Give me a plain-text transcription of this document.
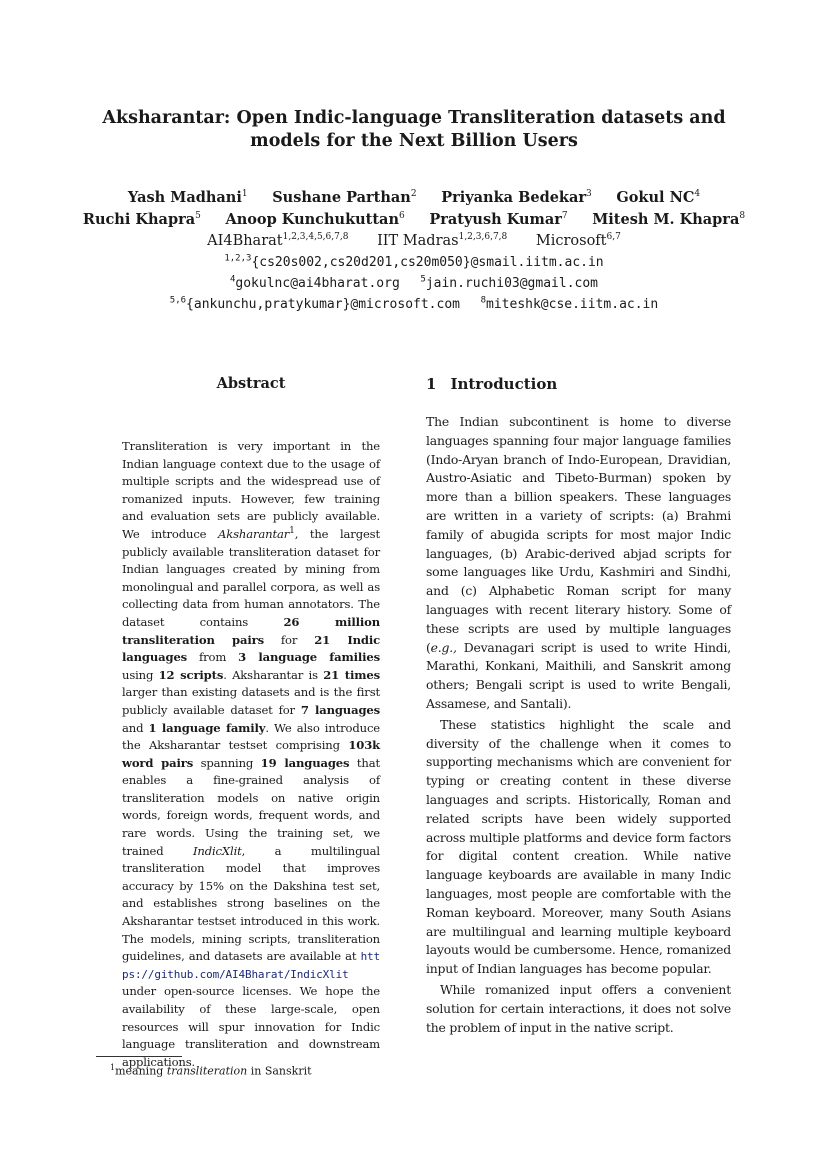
Aksharantar: Open Indic-language Transliteration datasets and
models for the Next Billion Users
Yash Madhani$^1$ Sushane Parthan$^2$ Priyanka Bedekar$^3$ Gokul $NC^4$
Ruchi Khapra$^5$ Anoop Kunchukuttan$^6$ Pratyush Kumar$^7$ Mitesh M. Khapra$^8$
AI4Bharat$^{1,2,3,4,5,6,7,8}$ IIT Madras$^{1,2,3,6,7,8}$ Microsoft$^{6,7}$
$^{1,2,3}${cs20s002,cs20d201,cs20m050}@smail.iitm.ac.in
$^4$gokulnc@ai4bharat.org $^5$jain.ruchi03@gmail.com
$^{5,6}${ankunchu,pratykumar}@microsoft.com $^8$miteshk@cse.iitm.ac.in
Abstract
Transliteration is very important in the Indian language context due to the usage of multiple scripts and the widespread use of romanized inputs. However, few training and evaluation sets are publicly available. We introduce Aksharantar$^1$, the largest publicly available transliteration dataset for Indian languages created by mining from monolingual and parallel corpora, as well as collecting data from human annotators. The dataset contains 26 million transliteration pairs for 21 Indic languages from 3 language families using 12 scripts. Aksharantar is 21 times larger than existing datasets and is the first publicly available dataset for 7 languages and 1 language family. We also introduce the Aksharantar testset comprising 103k word pairs spanning 19 languages that enables a fine-grained analysis of transliteration models on native origin words, foreign words, frequent words, and rare words. Using the training set, we trained IndicXlit, a multilingual transliteration model that improves accuracy by 15% on the Dakshina test set, and establishes strong baselines on the Aksharantar testset introduced in this work. The models, mining scripts, transliteration guidelines, and datasets are available at https://github.com/AI4Bharat/IndicXlit under open-source licenses. We hope the availability of these large-scale, open resources will spur innovation for Indic language transliteration and downstream applications.
1 Introduction
The Indian subcontinent is home to diverse languages spanning four major language families (Indo-Aryan branch of Indo-European, Dravidian, Austro-Asiatic and Tibeto-Burman) spoken by more than a billion speakers. These languages are written in a variety of scripts: (a) Brahmi family of abugida scripts for most major Indic languages, (b) Arabic-derived abjad scripts for some languages like Urdu, Kashmiri and Sindhi, and (c) Alphabetic Roman script for many languages with recent literary history. Some of these scripts are used by multiple languages (e.g., Devanagari script is used to write Hindi, Marathi, Konkani, Maithili, and Sanskrit among others; Bengali script is used to write Bengali, Assamese, and Santali).
These statistics highlight the scale and diversity of the challenge when it comes to supporting mechanisms which are convenient for typing or creating content in these diverse languages and scripts. Historically, Roman and related scripts have been widely supported across multiple platforms and device form factors for digital content creation. While native language keyboards are available in many Indic languages, most people are comfortable with the Roman keyboard. Moreover, many South Asians are multilingual and learning multiple keyboard layouts would be cumbersome. Hence, romanized input of Indian languages has become popular.
While romanized input offers a convenient solution for certain interactions, it does not solve the problem of input in the native script.
$^1$meaning transliteration in Sanskrit
